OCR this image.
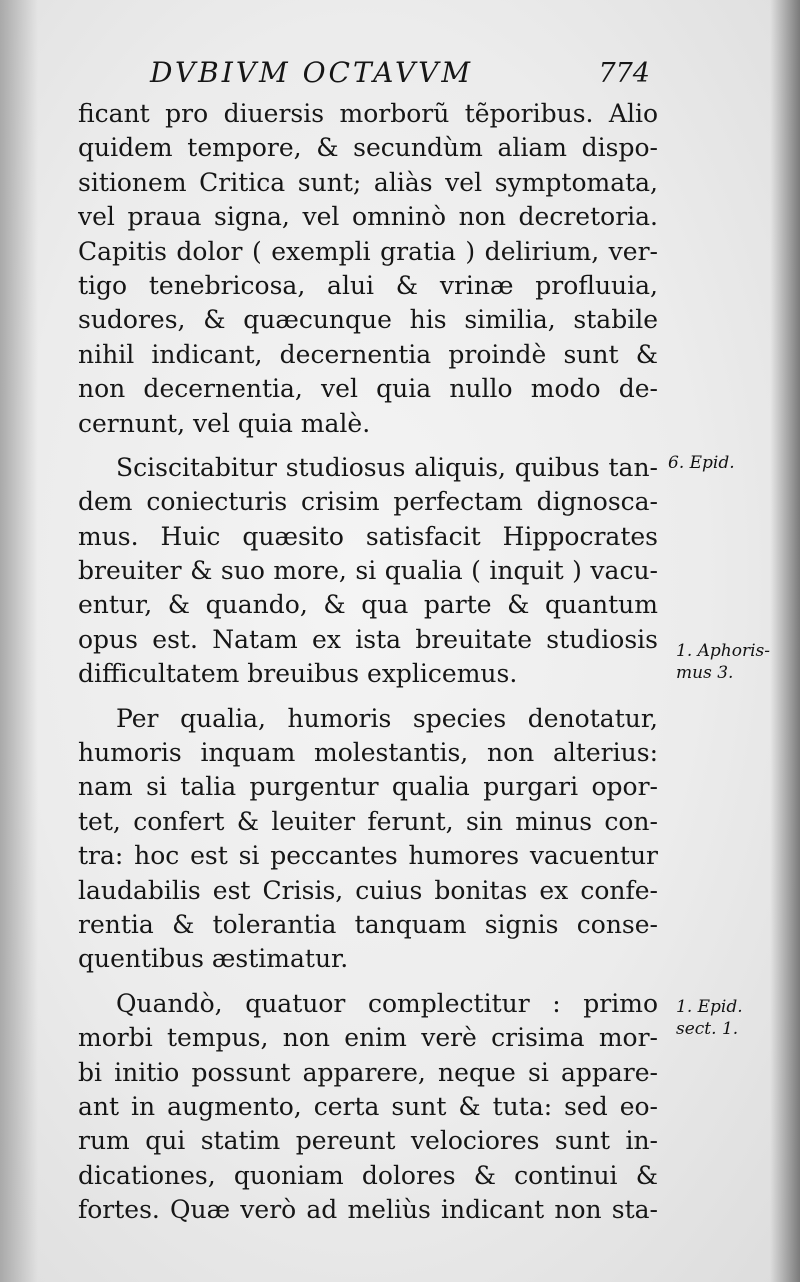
DVBIVM OCTAVVM	774
ficant pro diuersis morborũ tẽporibus. Alio
quidem tempore, & secundùm aliam dispo-
sitionem Critica sunt; aliàs vel symptomata,
vel praua signa, vel omninò non decretoria.
Capitis dolor ( exempli gratia ) delirium, ver-
tigo tenebricosa, alui & vrinæ profluuia,
sudores, & quæcunque his similia, stabile
nihil indicant, decernentia proindè sunt &
non decernentia, vel quia nullo modo de-
cernunt, vel quia malè.
Sciscitabitur studiosus aliquis, quibus tan-
dem coniecturis crisim perfectam dignosca-
mus. Huic quæsito satisfacit Hippocrates
breuiter & suo more, si qualia ( inquit ) vacu-
entur, & quando, & qua parte & quantum
opus est. Natam ex ista breuitate studiosis
difficultatem breuibus explicemus.
Per qualia, humoris species denotatur,
humoris inquam molestantis, non alterius:
nam si talia purgentur qualia purgari opor-
tet, confert & leuiter ferunt, sin minus con-
tra: hoc est si peccantes humores vacuentur
laudabilis est Crisis, cuius bonitas ex confe-
rentia & tolerantia tanquam signis conse-
quentibus æstimatur.
Quandò, quatuor complectitur : primo
morbi tempus, non enim verè crisima mor-
bi initio possunt apparere, neque si appare-
ant in augmento, certa sunt & tuta: sed eo-
rum qui statim pereunt velociores sunt in-
dicationes, quoniam dolores & continui &
fortes. Quæ verò ad meliùs indicant non sta-
6. Epid.
1. Aphoris-
mus 3.
1. Epid.
sect. 1.
